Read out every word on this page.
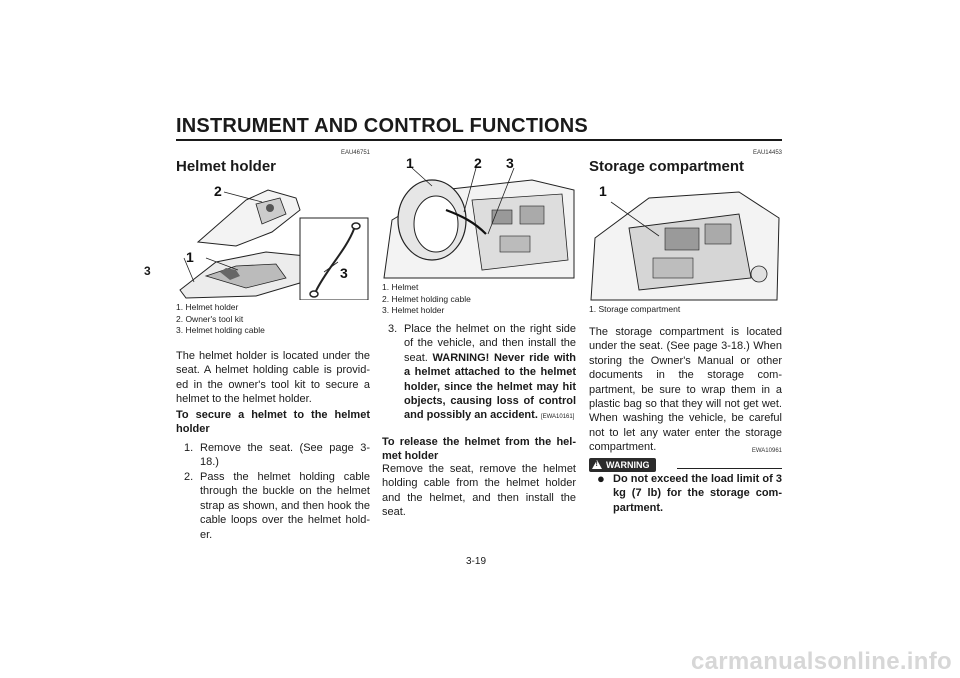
INSTRUMENT AND CONTROL FUNCTIONS
3
EAU46751
Helmet holder
2
1
3
1. Helmet holder
2. Owner's tool kit
3. Helmet holding cable
The helmet holder is located under the seat. A helmet holding cable is provid-ed in the owner's tool kit to secure a helmet to the helmet holder.
To secure a helmet to the helmet holder
1. Remove the seat. (See page 3-18.)
2. Pass the helmet holding cable through the buckle on the helmet strap as shown, and then hook the cable loops over the helmet hold-er.
1	2 3
1. Helmet
2. Helmet holding cable
3. Helmet holder
3. Place the helmet on the right side of the vehicle, and then install the seat. WARNING! Never ride with a helmet attached to the helmet holder, since the helmet may hit objects, causing loss of control and possibly an accident. [EWA10161]
To release the helmet from the hel-met holder
Remove the seat, remove the helmet holding cable from the helmet holder and the helmet, and then install the seat.
EAU14453
Storage compartment
1
1. Storage compartment
The storage compartment is located under the seat. (See page 3-18.) When storing the Owner's Manual or other documents in the storage com-partment, be sure to wrap them in a plastic bag so that they will not get wet. When washing the vehicle, be careful not to let any water enter the storage compartment.	EWA10961
!WARNING
● Do not exceed the load limit of 3 kg (7 lb) for the storage com-partment.
3-19
carmanualsonline.info
